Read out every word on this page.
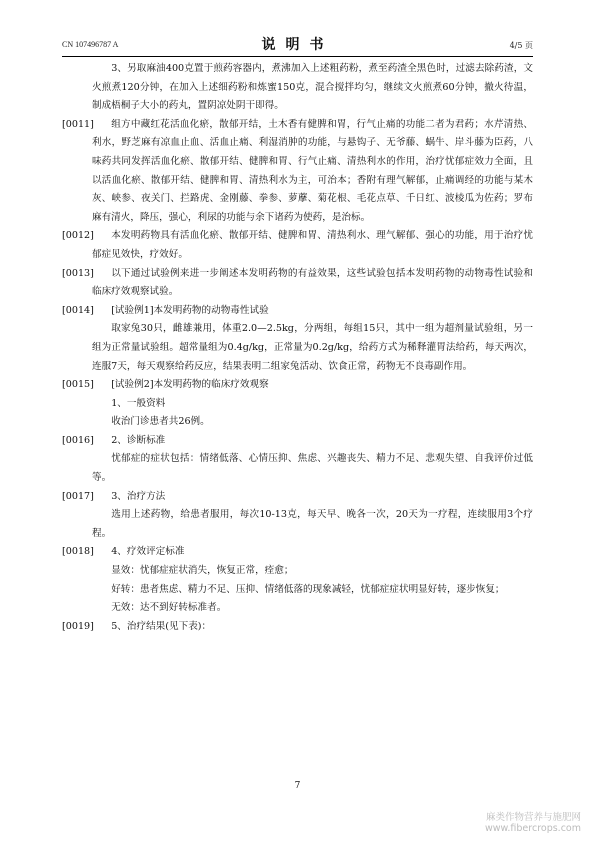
CN 107496787 A	说明书	4/5 页

3、另取麻油400克置于煎药容器内，煮沸加入上述粗药粉，煮至药渣全黑色时，过滤去除药渣，文火煎煮120分钟，在加入上述细药粉和炼蜜150克，混合搅拌均匀，继续文火煎煮60分钟，撤火待温，制成梧桐子大小的药丸，置阴凉处阴干即得。

[0011]	组方中藏红花活血化瘀，散郁开结，土木香有健脾和胃，行气止痛的功能二者为君药；水芹清热、利水，野芝麻有凉血止血、活血止痛、利湿消肿的功能，与悬钩子、无爷藤、蜗牛、岸斗藤为臣药，八味药共同发挥活血化瘀、散郁开结、健脾和胃、行气止痛、清热利水的作用，治疗忧郁症效力全面，且以活血化瘀、散郁开结、健脾和胃、清热利水为主，可治本；香附有理气解郁，止痛调经的功能与某木灰、峡参、夜关门、拦路虎、金刚藤、拳参、萝藦、菊花根、毛花点草、千日红、波棱瓜为佐药；罗布麻有清火，降压，强心，利尿的功能与余下诸药为使药，是治标。
[0012]	本发明药物具有活血化瘀、散郁开结、健脾和胃、清热利水、理气解郁、强心的功能，用于治疗忧郁症见效快，疗效好。
[0013]	以下通过试验例来进一步阐述本发明药物的有益效果，这些试验包括本发明药物的动物毒性试验和临床疗效观察试验。
[0014]	[试验例1]本发明药物的动物毒性试验

取家兔30只，雌雄兼用，体重2.0—2.5kg，分两组，每组15只，其中一组为超剂量试验组，另一组为正常量试验组。超常量组为0.4g/kg，正常量为0.2g/kg，给药方式为稀释灌胃法给药，每天两次，连服7天，每天观察给药反应，结果表明二组家兔活动、饮食正常，药物无不良毒副作用。

[0015]	[试验例2]本发明药物的临床疗效观察

1、一般资料

收治门诊患者共26例。

[0016]	2、诊断标准

忧郁症的症状包括：情绪低落、心情压抑、焦虑、兴趣丧失、精力不足、悲观失望、自我评价过低等。

[0017]	3、治疗方法

选用上述药物，给患者服用，每次10-13克，每天早、晚各一次，20天为一疗程，连续服用3个疗程。

[0018]	4、疗效评定标准

显效：忧郁症症状消失，恢复正常，痊愈；

好转：患者焦虑、精力不足、压抑、情绪低落的现象减轻，忧郁症症状明显好转，逐步恢复；

无效：达不到好转标准者。

[0019]	5、治疗结果(见下表)：
7
麻类作物营养与施肥网
www.fibercrops.com
